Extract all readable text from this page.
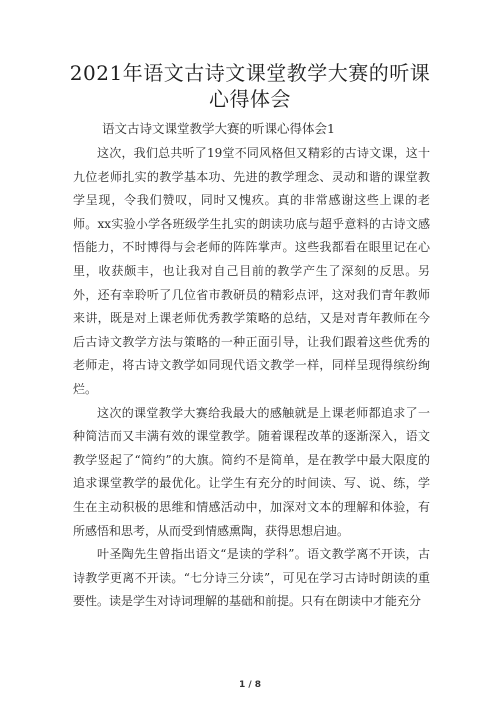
2021年语文古诗文课堂教学大赛的听课心得体会
语文古诗文课堂教学大赛的听课心得体会1

这次，我们总共听了19堂不同风格但又精彩的古诗文课，这十九位老师扎实的教学基本功、先进的教学理念、灵动和谐的课堂教学呈现，令我们赞叹，同时又愧疚。真的非常感谢这些上课的老师。xx实验小学各班级学生扎实的朗读功底与超乎意料的古诗文感悟能力，不时博得与会老师的阵阵掌声。这些我都看在眼里记在心里，收获颇丰，也让我对自己目前的教学产生了深刻的反思。另外，还有幸聆听了几位省市教研员的精彩点评，这对我们青年教师来讲，既是对上课老师优秀教学策略的总结，又是对青年教师在今后古诗文教学方法与策略的一种正面引导，让我们跟着这些优秀的老师走，将古诗文教学如同现代语文教学一样，同样呈现得缤纷绚烂。

这次的课堂教学大赛给我最大的感触就是上课老师都追求了一种简洁而又丰满有效的课堂教学。随着课程改革的逐渐深入，语文教学竖起了“简约”的大旗。简约不是简单，是在教学中最大限度的追求课堂教学的最优化。让学生有充分的时间读、写、说、练，学生在主动积极的思维和情感活动中，加深对文本的理解和体验，有所感悟和思考，从而受到情感熏陶，获得思想启迪。

叶圣陶先生曾指出语文“是读的学科”。语文教学离不开读，古诗教学更离不开读。“七分诗三分读”，可见在学习古诗时朗读的重要性。读是学生对诗词理解的基础和前提。只有在朗读中才能充分

1 / 8
